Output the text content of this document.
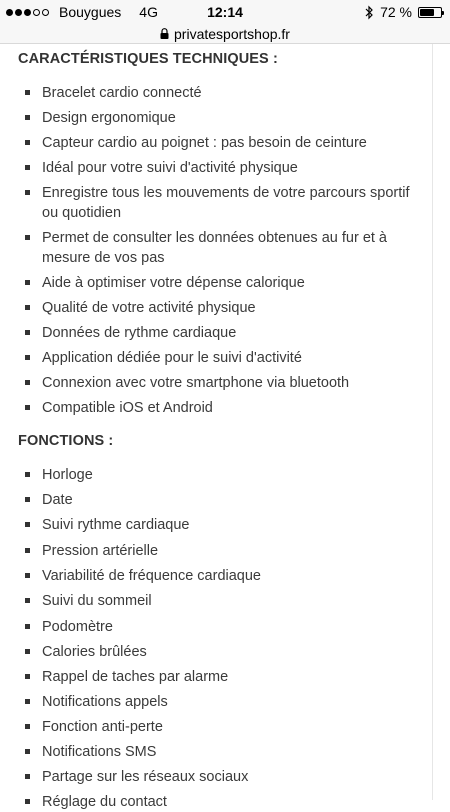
Bouygues 4G	12:14	72 %
privatesportshop.fr
CARACTÉRISTIQUES TECHNIQUES :
Bracelet cardio connecté
Design ergonomique
Capteur cardio au poignet : pas besoin de ceinture
Idéal pour votre suivi d'activité physique
Enregistre tous les mouvements de votre parcours sportif ou quotidien
Permet de consulter les données obtenues au fur et à mesure de vos pas
Aide à optimiser votre dépense calorique
Qualité de votre activité physique
Données de rythme cardiaque
Application dédiée pour le suivi d'activité
Connexion avec votre smartphone via bluetooth
Compatible iOS et Android
FONCTIONS :
Horloge
Date
Suivi rythme cardiaque
Pression artérielle
Variabilité de fréquence cardiaque
Suivi du sommeil
Podomètre
Calories brûlées
Rappel de taches par alarme
Notifications appels
Fonction anti-perte
Notifications SMS
Partage sur les réseaux sociaux
Réglage du contact
